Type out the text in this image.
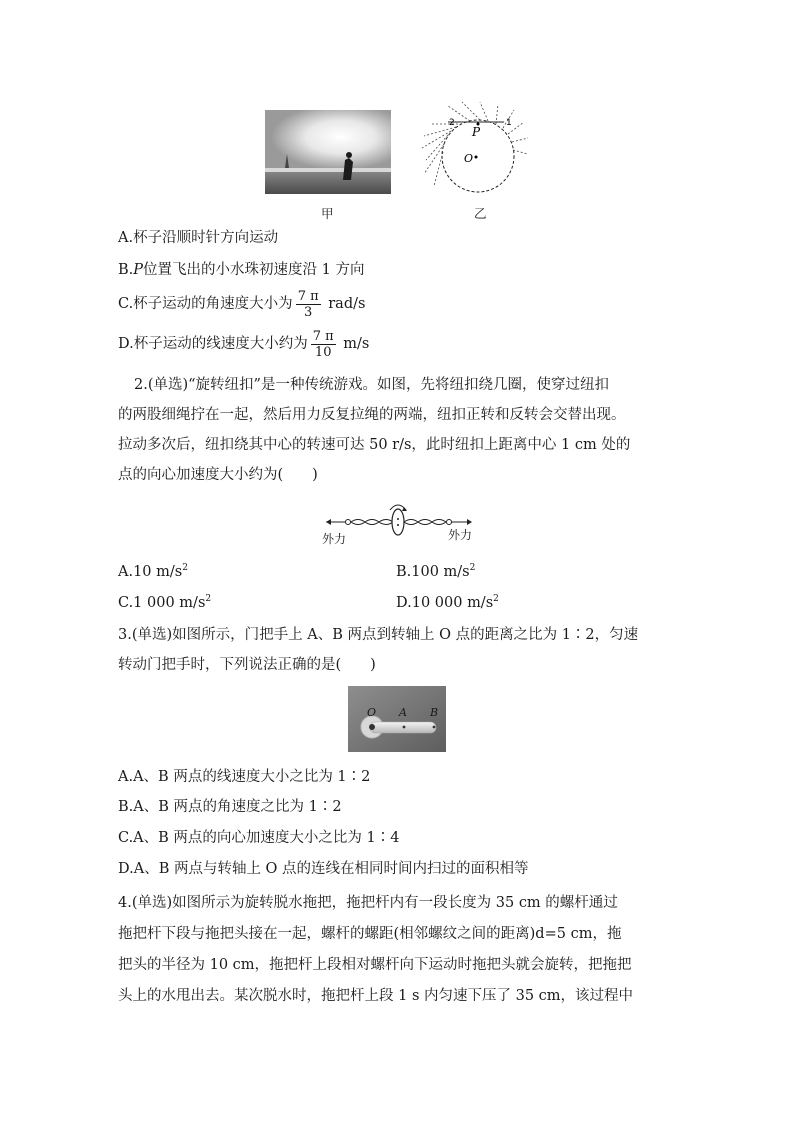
2	1
P
O
甲	乙
A.杯子沿顺时针方向运动
B.P位置飞出的小水珠初速度沿 1 方向
C.杯子运动的角速度大小为 $\frac{7 \pi}{3} rad/s$
D.杯子运动的线速度大小约为 $\frac{7 \pi}{10} m/s$
2.(单选)“旋转纽扣”是一种传统游戏。如图，先将纽扣绕几圈，使穿过纽扣
的两股细绳拧在一起，然后用力反复拉绳的两端，纽扣正转和反转会交替出现。
拉动多次后，纽扣绕其中心的转速可达 50 r/s，此时纽扣上距离中心 1 cm 处的
点的向心加速度大小约为(　　)
外力	外力
A.10 $m/s^2$	B.100 $m/s^2$
C.1 000 $m/s^2$	D.10 000 $m/s^2$
3.(单选)如图所示，门把手上 A、B 两点到转轴上 O 点的距离之比为 1∶2，匀速
转动门把手时，下列说法正确的是(　　)
O A B
A.A、B 两点的线速度大小之比为 1∶2
B.A、B 两点的角速度之比为 1∶2
C.A、B 两点的向心加速度大小之比为 1∶4
D.A、B 两点与转轴上 O 点的连线在相同时间内扫过的面积相等
4.(单选)如图所示为旋转脱水拖把，拖把杆内有一段长度为 35 cm 的螺杆通过
拖把杆下段与拖把头接在一起，螺杆的螺距(相邻螺纹之间的距离)d=5 cm，拖
把头的半径为 10 cm，拖把杆上段相对螺杆向下运动时拖把头就会旋转，把拖把
头上的水甩出去。某次脱水时，拖把杆上段 1 s 内匀速下压了 35 cm，该过程中
